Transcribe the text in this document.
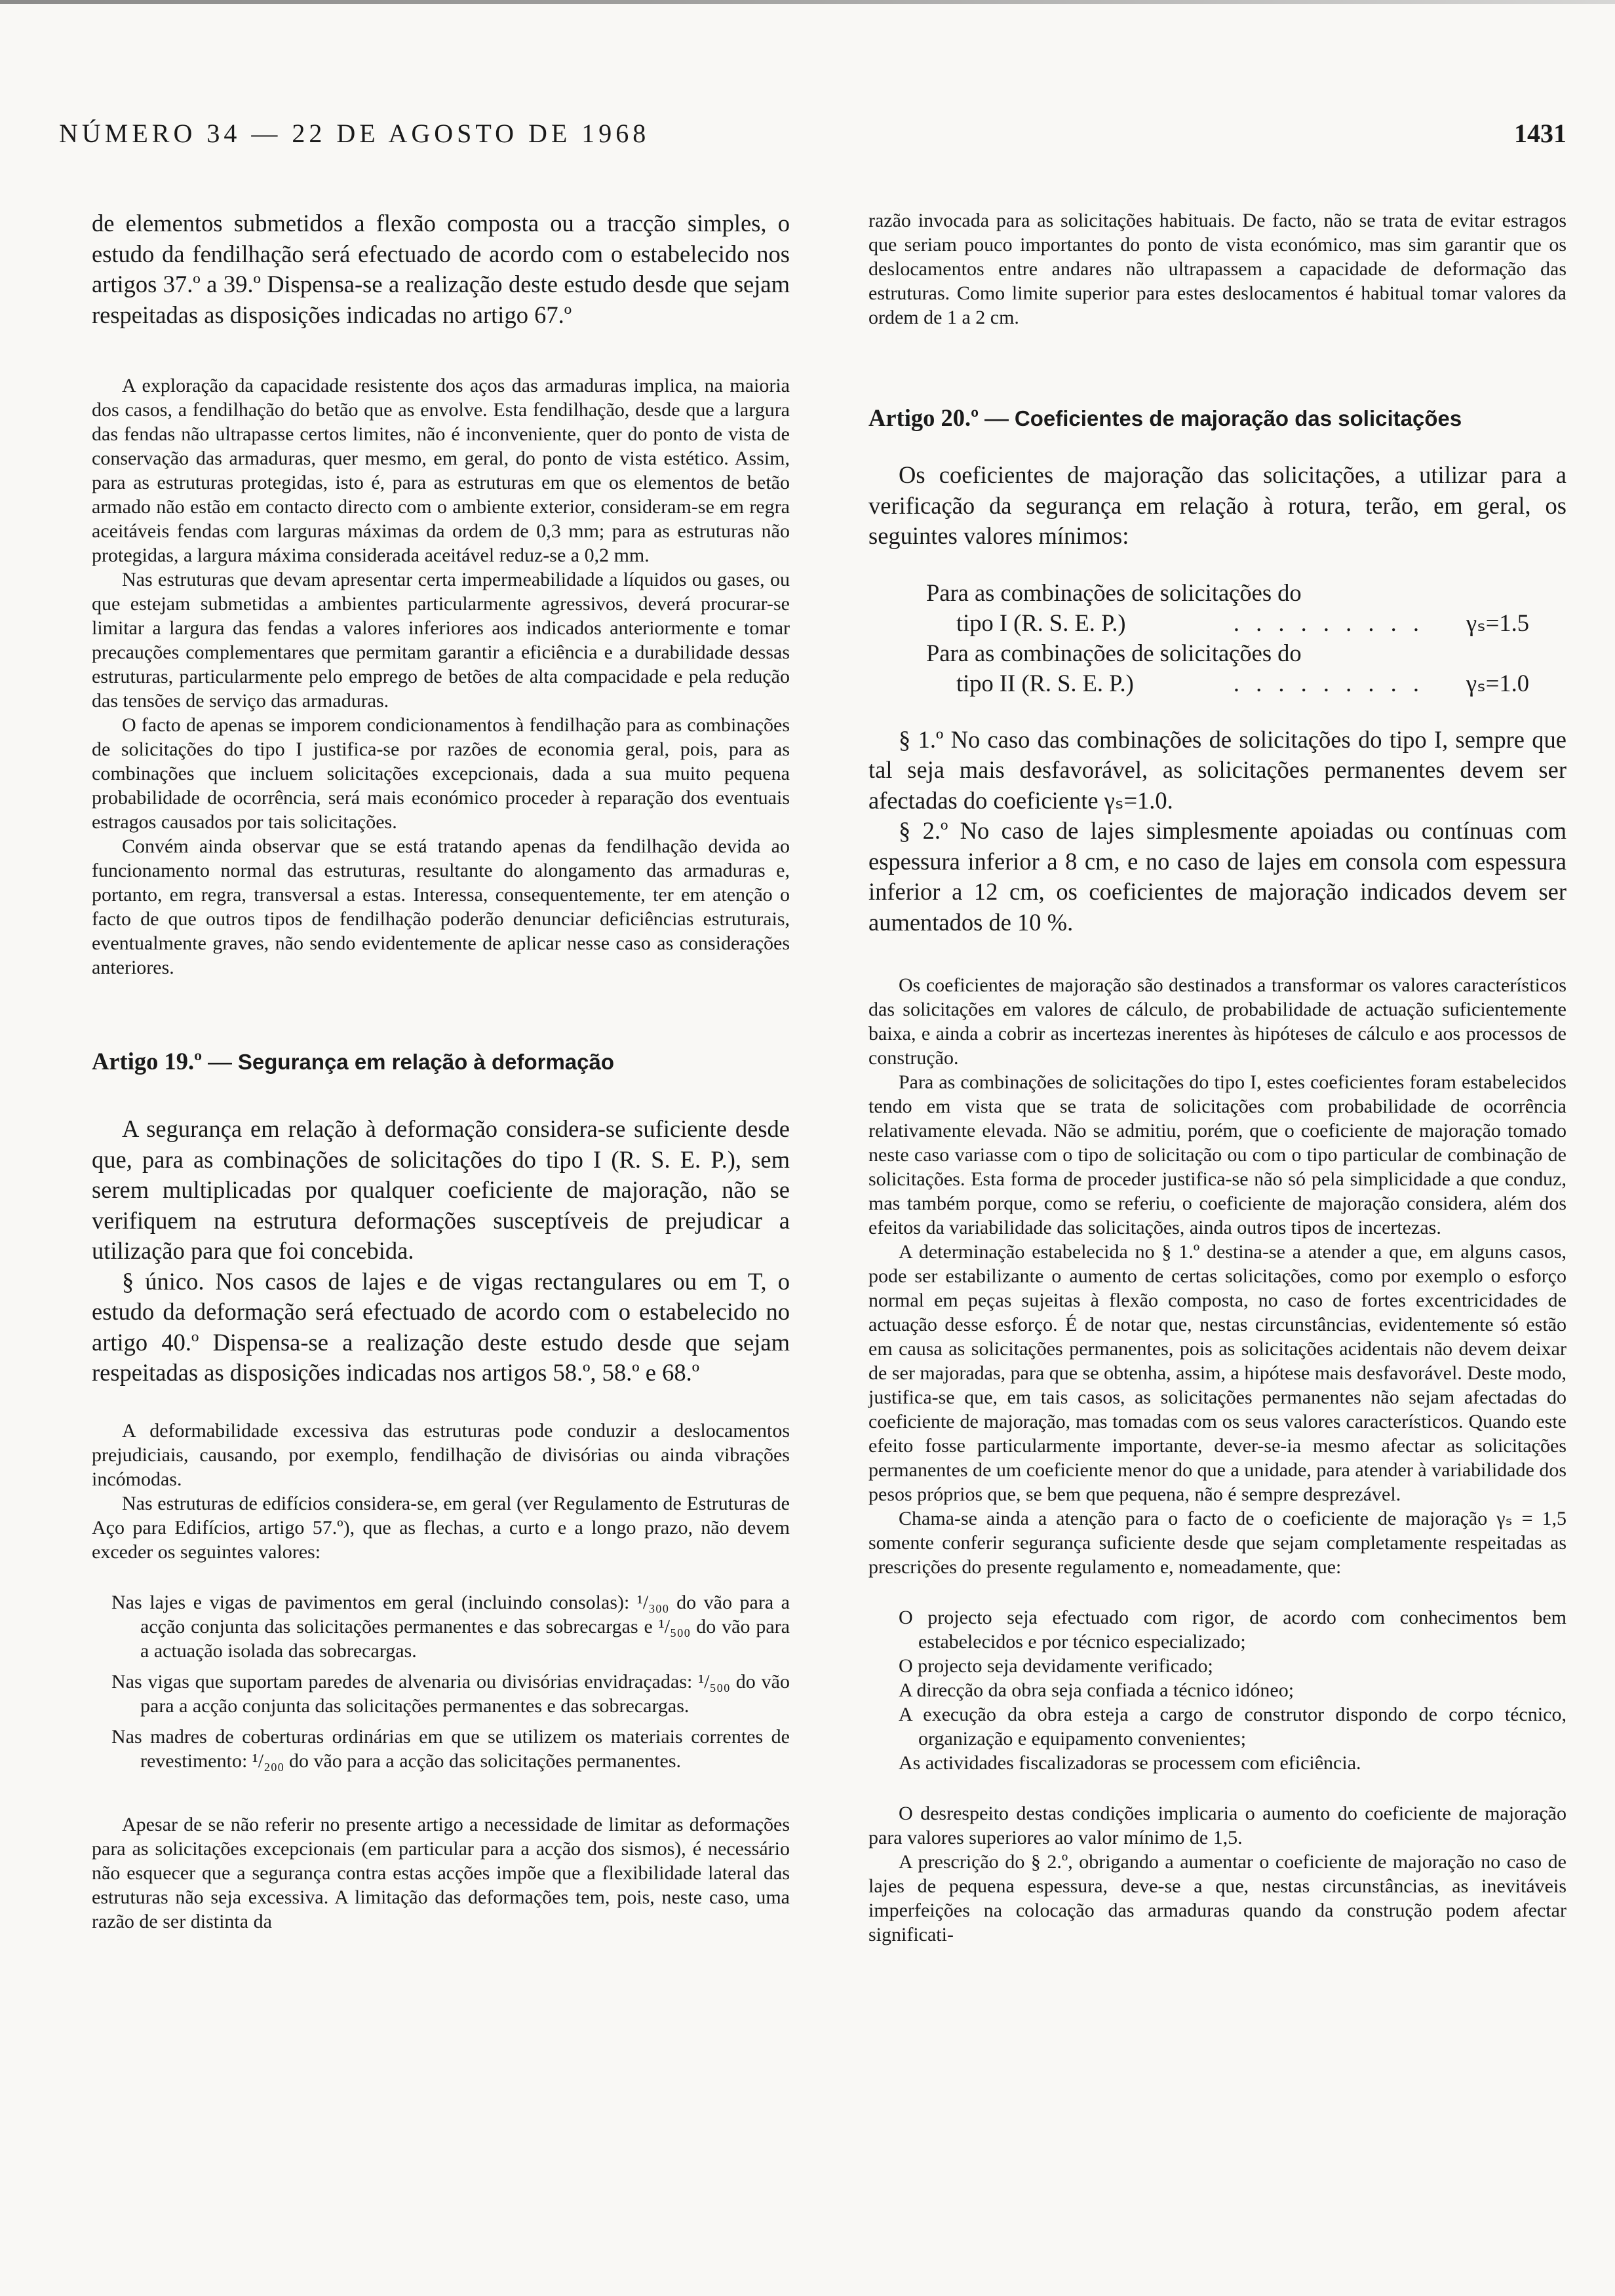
NÚMERO 34 — 22 DE AGOSTO DE 1968	1431

de elementos submetidos a flexão composta ou a tracção simples, o estudo da fendilhação será efectuado de acordo com o estabelecido nos artigos 37.º a 39.º Dispensa-se a realização deste estudo desde que sejam respeitadas as disposições indicadas no artigo 67.º

A exploração da capacidade resistente dos aços das armaduras implica, na maioria dos casos, a fendilhação do betão que as envolve. Esta fendilhação, desde que a largura das fendas não ultrapasse certos limites, não é inconveniente, quer do ponto de vista de conservação das armaduras, quer mesmo, em geral, do ponto de vista estético. Assim, para as estruturas protegidas, isto é, para as estruturas em que os elementos de betão armado não estão em contacto directo com o ambiente exterior, consideram-se em regra aceitáveis fendas com larguras máximas da ordem de 0,3 mm; para as estruturas não protegidas, a largura máxima considerada aceitável reduz-se a 0,2 mm.

Nas estruturas que devam apresentar certa impermeabilidade a líquidos ou gases, ou que estejam submetidas a ambientes particularmente agressivos, deverá procurar-se limitar a largura das fendas a valores inferiores aos indicados anteriormente e tomar precauções complementares que permitam garantir a eficiência e a durabilidade dessas estruturas, particularmente pelo emprego de betões de alta compacidade e pela redução das tensões de serviço das armaduras.

O facto de apenas se imporem condicionamentos à fendilhação para as combinações de solicitações do tipo I justifica-se por razões de economia geral, pois, para as combinações que incluem solicitações excepcionais, dada a sua muito pequena probabilidade de ocorrência, será mais económico proceder à reparação dos eventuais estragos causados por tais solicitações.

Convém ainda observar que se está tratando apenas da fendilhação devida ao funcionamento normal das estruturas, resultante do alongamento das armaduras e, portanto, em regra, transversal a estas. Interessa, consequentemente, ter em atenção o facto de que outros tipos de fendilhação poderão denunciar deficiências estruturais, eventualmente graves, não sendo evidentemente de aplicar nesse caso as considerações anteriores.

Artigo 19.º — Segurança em relação à deformação

A segurança em relação à deformação considera-se suficiente desde que, para as combinações de solicitações do tipo I (R. S. E. P.), sem serem multiplicadas por qualquer coeficiente de majoração, não se verifiquem na estrutura deformações susceptíveis de prejudicar a utilização para que foi concebida.

§ único. Nos casos de lajes e de vigas rectangulares ou em T, o estudo da deformação será efectuado de acordo com o estabelecido no artigo 40.º Dispensa-se a realização deste estudo desde que sejam respeitadas as disposições indicadas nos artigos 58.º, 58.º e 68.º

A deformabilidade excessiva das estruturas pode conduzir a deslocamentos prejudiciais, causando, por exemplo, fendilhação de divisórias ou ainda vibrações incómodas.

Nas estruturas de edifícios considera-se, em geral (ver Regulamento de Estruturas de Aço para Edifícios, artigo 57.º), que as flechas, a curto e a longo prazo, não devem exceder os seguintes valores:

Nas lajes e vigas de pavimentos em geral (incluindo consolas): ¹/₃₀₀ do vão para a acção conjunta das solicitações permanentes e das sobrecargas e ¹/₅₀₀ do vão para a actuação isolada das sobrecargas.
Nas vigas que suportam paredes de alvenaria ou divisórias envidraçadas: ¹/₅₀₀ do vão para a acção conjunta das solicitações permanentes e das sobrecargas.
Nas madres de coberturas ordinárias em que se utilizem os materiais correntes de revestimento: ¹/₂₀₀ do vão para a acção das solicitações permanentes.

Apesar de se não referir no presente artigo a necessidade de limitar as deformações para as solicitações excepcionais (em particular para a acção dos sismos), é necessário não esquecer que a segurança contra estas acções impõe que a flexibilidade lateral das estruturas não seja excessiva. A limitação das deformações tem, pois, neste caso, uma razão de ser distinta da

razão invocada para as solicitações habituais. De facto, não se trata de evitar estragos que seriam pouco importantes do ponto de vista económico, mas sim garantir que os deslocamentos entre andares não ultrapassem a capacidade de deformação das estruturas. Como limite superior para estes deslocamentos é habitual tomar valores da ordem de 1 a 2 cm.

Artigo 20.º — Coeficientes de majoração das solicitações

Os coeficientes de majoração das solicitações, a utilizar para a verificação da segurança em relação à rotura, terão, em geral, os seguintes valores mínimos:

Para as combinações de solicitações do
tipo I (R. S. E. P.)	. . . . . . . . .	γₛ=1.5
Para as combinações de solicitações do
tipo II (R. S. E. P.)	. . . . . . . . .	γₛ=1.0

§ 1.º No caso das combinações de solicitações do tipo I, sempre que tal seja mais desfavorável, as solicitações permanentes devem ser afectadas do coeficiente γₛ=1.0.

§ 2.º No caso de lajes simplesmente apoiadas ou contínuas com espessura inferior a 8 cm, e no caso de lajes em consola com espessura inferior a 12 cm, os coeficientes de majoração indicados devem ser aumentados de 10 %.

Os coeficientes de majoração são destinados a transformar os valores característicos das solicitações em valores de cálculo, de probabilidade de actuação suficientemente baixa, e ainda a cobrir as incertezas inerentes às hipóteses de cálculo e aos processos de construção.

Para as combinações de solicitações do tipo I, estes coeficientes foram estabelecidos tendo em vista que se trata de solicitações com probabilidade de ocorrência relativamente elevada. Não se admitiu, porém, que o coeficiente de majoração tomado neste caso variasse com o tipo de solicitação ou com o tipo particular de combinação de solicitações. Esta forma de proceder justifica-se não só pela simplicidade a que conduz, mas também porque, como se referiu, o coeficiente de majoração considera, além dos efeitos da variabilidade das solicitações, ainda outros tipos de incertezas.

A determinação estabelecida no § 1.º destina-se a atender a que, em alguns casos, pode ser estabilizante o aumento de certas solicitações, como por exemplo o esforço normal em peças sujeitas à flexão composta, no caso de fortes excentricidades de actuação desse esforço. É de notar que, nestas circunstâncias, evidentemente só estão em causa as solicitações permanentes, pois as solicitações acidentais não devem deixar de ser majoradas, para que se obtenha, assim, a hipótese mais desfavorável. Deste modo, justifica-se que, em tais casos, as solicitações permanentes não sejam afectadas do coeficiente de majoração, mas tomadas com os seus valores característicos. Quando este efeito fosse particularmente importante, dever-se-ia mesmo afectar as solicitações permanentes de um coeficiente menor do que a unidade, para atender à variabilidade dos pesos próprios que, se bem que pequena, não é sempre desprezável.

Chama-se ainda a atenção para o facto de o coeficiente de majoração γₛ = 1,5 somente conferir segurança suficiente desde que sejam completamente respeitadas as prescrições do presente regulamento e, nomeadamente, que:

O projecto seja efectuado com rigor, de acordo com conhecimentos bem estabelecidos e por técnico especializado;
O projecto seja devidamente verificado;
A direcção da obra seja confiada a técnico idóneo;
A execução da obra esteja a cargo de construtor dispondo de corpo técnico, organização e equipamento convenientes;
As actividades fiscalizadoras se processem com eficiência.

O desrespeito destas condições implicaria o aumento do coeficiente de majoração para valores superiores ao valor mínimo de 1,5.

A prescrição do § 2.º, obrigando a aumentar o coeficiente de majoração no caso de lajes de pequena espessura, deve-se a que, nestas circunstâncias, as inevitáveis imperfeições na colocação das armaduras quando da construção podem afectar significati-
